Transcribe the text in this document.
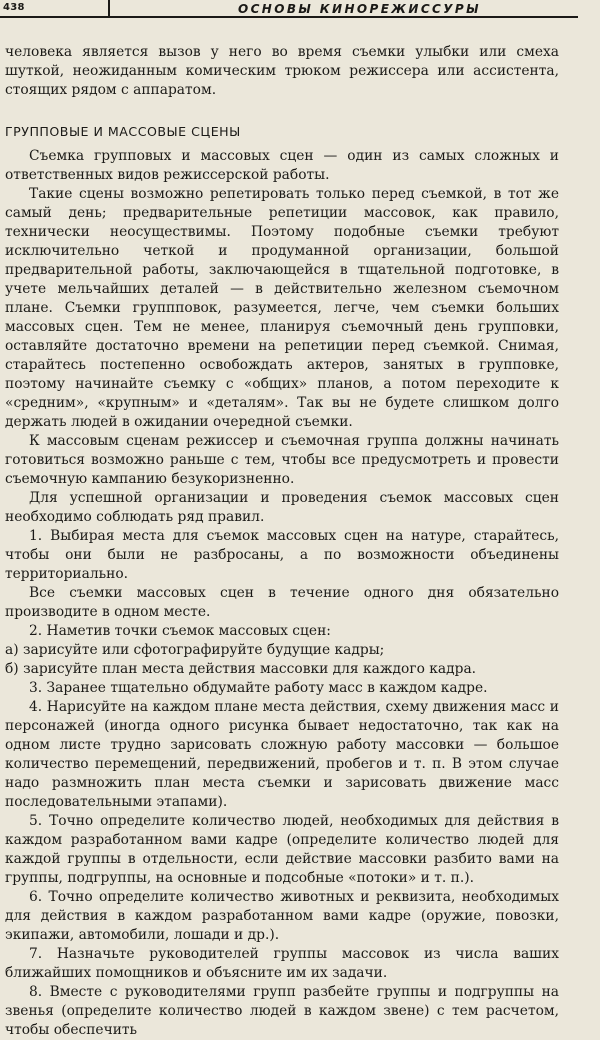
438	ОСНОВЫ КИНОРЕЖИССУРЫ

человека является вызов у него во время съемки улыбки или смеха шуткой, неожиданным комическим трюком режиссера или ассистента, стоящих рядом с аппаратом.

ГРУППОВЫЕ И МАССОВЫЕ СЦЕНЫ

Съемка групповых и массовых сцен — один из самых сложных и ответственных видов режиссерской работы.

Такие сцены возможно репетировать только перед съемкой, в тот же самый день; предварительные репетиции массовок, как правило, технически неосуществимы. Поэтому подобные съемки требуют исключительно четкой и продуманной организации, большой предварительной работы, заключающейся в тщательной подготовке, в учете мельчайших деталей — в действительно железном съемочном плане. Съемки группповок, разумеется, легче, чем съемки больших массовых сцен. Тем не менее, планируя съемочный день групповки, оставляйте достаточно времени на репетиции перед съемкой. Снимая, старайтесь постепенно освобождать актеров, занятых в групповке, поэтому начинайте съемку с «общих» планов, а потом переходите к «средним», «крупным» и «деталям». Так вы не будете слишком долго держать людей в ожидании очередной съемки.

К массовым сценам режиссер и съемочная группа должны начинать готовиться возможно раньше с тем, чтобы все предусмотреть и провести съемочную кампанию безукоризненно.

Для успешной организации и проведения съемок массовых сцен необходимо соблюдать ряд правил.

1. Выбирая места для съемок массовых сцен на натуре, старайтесь, чтобы они были не разбросаны, а по возможности объединены территориально.

Все съемки массовых сцен в течение одного дня обязательно производите в одном месте.

2. Наметив точки съемок массовых сцен:

а) зарисуйте или сфотографируйте будущие кадры;

б) зарисуйте план места действия массовки для каждого кадра.

3. Заранее тщательно обдумайте работу масс в каждом кадре.

4. Нарисуйте на каждом плане места действия, схему движения масс и персонажей (иногда одного рисунка бывает недостаточно, так как на одном листе трудно зарисовать сложную работу массовки — большое количество перемещений, передвижений, пробегов и т. п. В этом случае надо размножить план места съемки и зарисовать движение масс последовательными этапами).

5. Точно определите количество людей, необходимых для действия в каждом разработанном вами кадре (определите количество людей для каждой группы в отдельности, если действие массовки разбито вами на группы, подгруппы, на основные и подсобные «потоки» и т. п.).

6. Точно определите количество животных и реквизита, необходимых для действия в каждом разработанном вами кадре (оружие, повозки, экипажи, автомобили, лошади и др.).

7. Назначьте руководителей группы массовок из числа ваших ближайших помощников и объясните им их задачи.

8. Вместе с руководителями групп разбейте группы и подгруппы на звенья (определите количество людей в каждом звене) с тем расчетом, чтобы обеспечить
